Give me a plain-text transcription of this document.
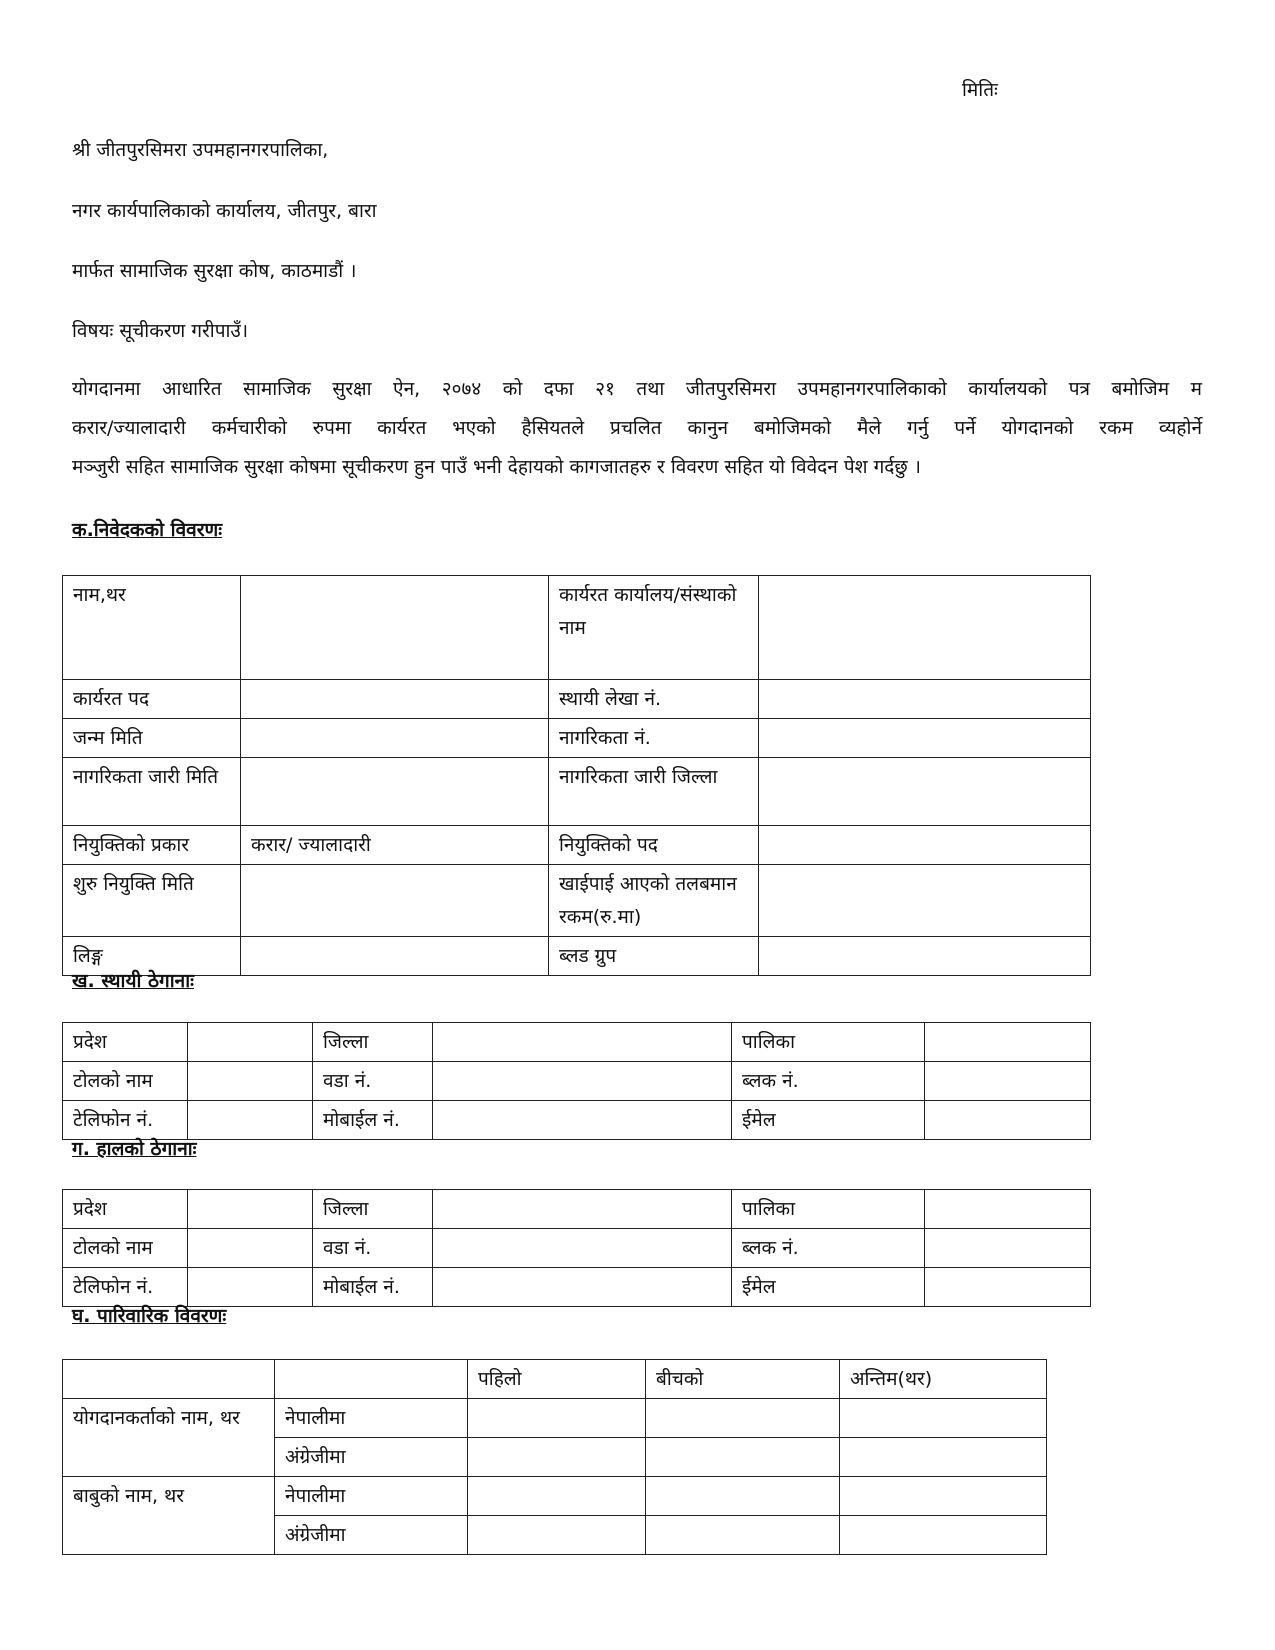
मितिः
श्री जीतपुरसिमरा उपमहानगरपालिका,
नगर कार्यपालिकाको कार्यालय, जीतपुर, बारा
मार्फत सामाजिक सुरक्षा कोष, काठमाडौं ।
विषयः सूचीकरण गरीपाउँ।
योगदानमा आधारित सामाजिक सुरक्षा ऐन, २०७४ को दफा २१ तथा जीतपुरसिमरा उपमहानगरपालिकाको कार्यालयको पत्र बमोजिम म
करार/ज्यालादारी कर्मचारीको रुपमा कार्यरत भएको हैसियतले प्रचलित कानुन बमोजिमको मैले गर्नु पर्ने योगदानको रकम व्यहोर्ने
मञ्जुरी सहित सामाजिक सुरक्षा कोषमा सूचीकरण हुन पाउँ भनी देहायको कागजातहरु र विवरण सहित यो विवेदन पेश गर्दछु ।
क.निवेदकको विवरणः
नाम,थर		कार्यरत कार्यालय/संस्थाको नाम	
कार्यरत पद		स्थायी लेखा नं.	
जन्म मिति		नागरिकता नं.	
नागरिकता जारी मिति		नागरिकता जारी जिल्ला	
नियुक्तिको प्रकार	करार/ ज्यालादारी	नियुक्तिको पद	
शुरु नियुक्ति मिति		खाईपाई आएको तलबमान रकम(रु.मा)	
लिङ्ग		ब्लड ग्रुप	
ख. स्थायी ठेगानाः
प्रदेश		जिल्ला		पालिका	
टोलको नाम		वडा नं.		ब्लक नं.	
टेलिफोन नं.		मोबाईल नं.		ईमेल	
ग. हालको ठेगानाः
प्रदेश		जिल्ला		पालिका	
टोलको नाम		वडा नं.		ब्लक नं.	
टेलिफोन नं.		मोबाईल नं.		ईमेल	
घ. पारिवारिक विवरणः
		पहिलो	बीचको	अन्तिम(थर)
योगदानकर्ताको नाम, थर	नेपालीमा			
	अंग्रेजीमा			
बाबुको नाम, थर	नेपालीमा			
	अंग्रेजीमा			
